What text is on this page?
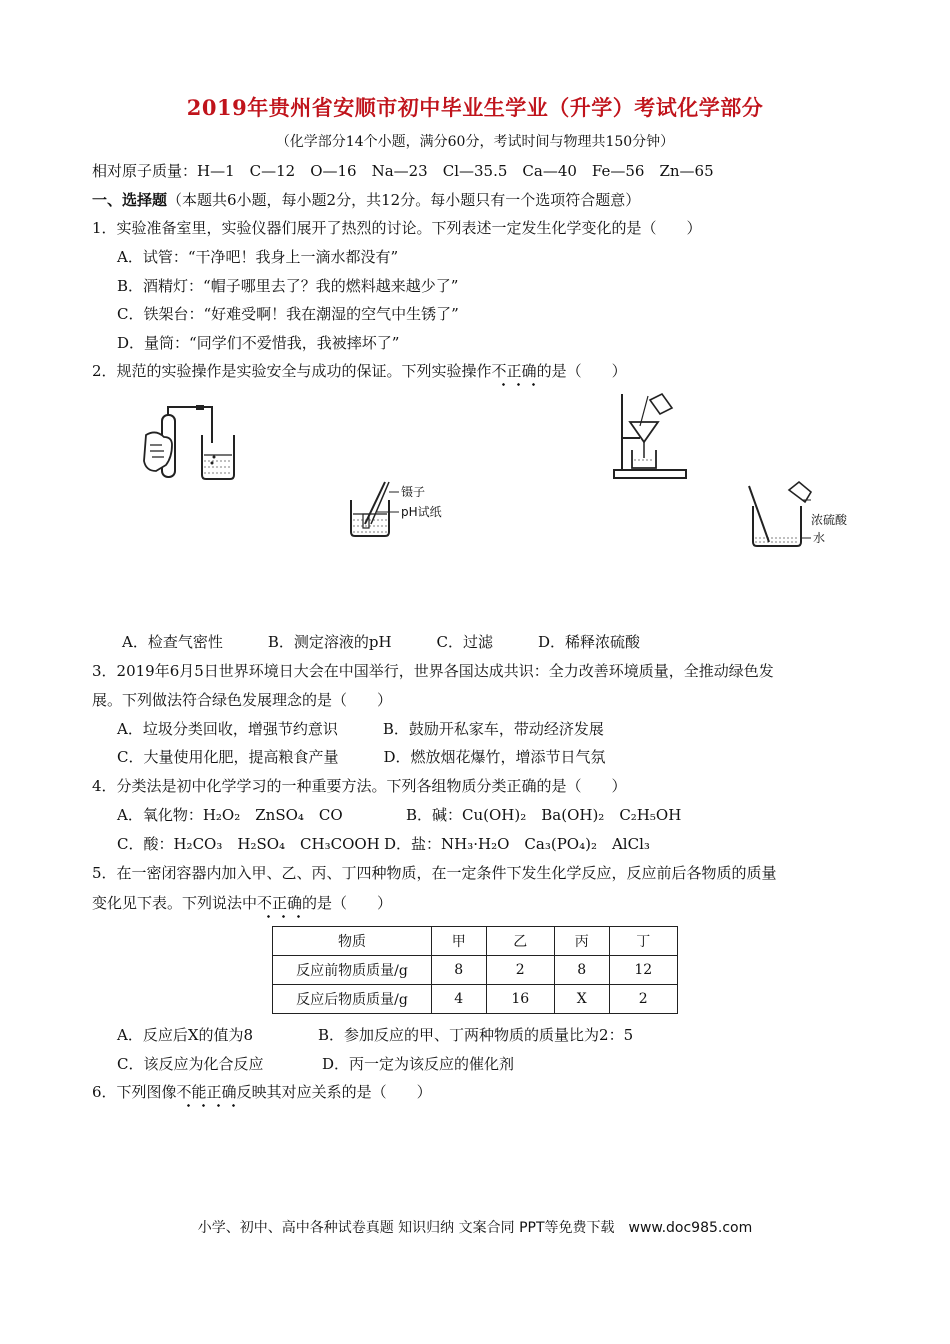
2019年贵州省安顺市初中毕业生学业（升学）考试化学部分
（化学部分14个小题，满分60分，考试时间与物理共150分钟）
相对原子质量：H—1　C—12　O—16　Na—23　Cl—35.5　Ca—40　Fe—56　Zn—65
一、选择题（本题共6小题，每小题2分，共12分。每小题只有一个选项符合题意）
1．实验准备室里，实验仪器们展开了热烈的讨论。下列表述一定发生化学变化的是（　　）
A．试管：“干净吧！我身上一滴水都没有”
B．酒精灯：“帽子哪里去了？我的燃料越来越少了”
C．铁架台：“好难受啊！我在潮湿的空气中生锈了”
D．量筒：“同学们不爱惜我，我被摔坏了”
2．规范的实验操作是实验安全与成功的保证。下列实验操作不正确的是（　　）
镊子
pH试纸
浓硫酸
水
A．检查气密性　　　B．测定溶液的pH　　　C．过滤　　　D．稀释浓硫酸
3．2019年6月5日世界环境日大会在中国举行，世界各国达成共识：全力改善环境质量，全推动绿色发
展。下列做法符合绿色发展理念的是（　　）
A．垃圾分类回收，增强节约意识　　　B．鼓励开私家车，带动经济发展
C．大量使用化肥，提高粮食产量　　　D．燃放烟花爆竹，增添节日气氛
4．分类法是初中化学学习的一种重要方法。下列各组物质分类正确的是（　　）
A．氧化物：H₂O₂　ZnSO₄　CO	B．碱：Cu(OH)₂　Ba(OH)₂　C₂H₅OH
C．酸：H₂CO₃　H₂SO₄　CH₃COOH D．盐：NH₃·H₂O　Ca₃(PO₄)₂　AlCl₃
5．在一密闭容器内加入甲、乙、丙、丁四种物质，在一定条件下发生化学反应，反应前后各物质的质量
变化见下表。下列说法中不正确的是（　　）
物质	甲	乙	丙	丁
反应前物质质量/g	8	2	8	12
反应后物质质量/g	4	16	X	2
A．反应后X的值为8	B．参加反应的甲、丁两种物质的质量比为2：5
C．该反应为化合反应	D．丙一定为该反应的催化剂
6．下列图像不能正确反映其对应关系的是（　　）
小学、初中、高中各种试卷真题 知识归纳 文案合同 PPT等免费下载　www.doc985.com
